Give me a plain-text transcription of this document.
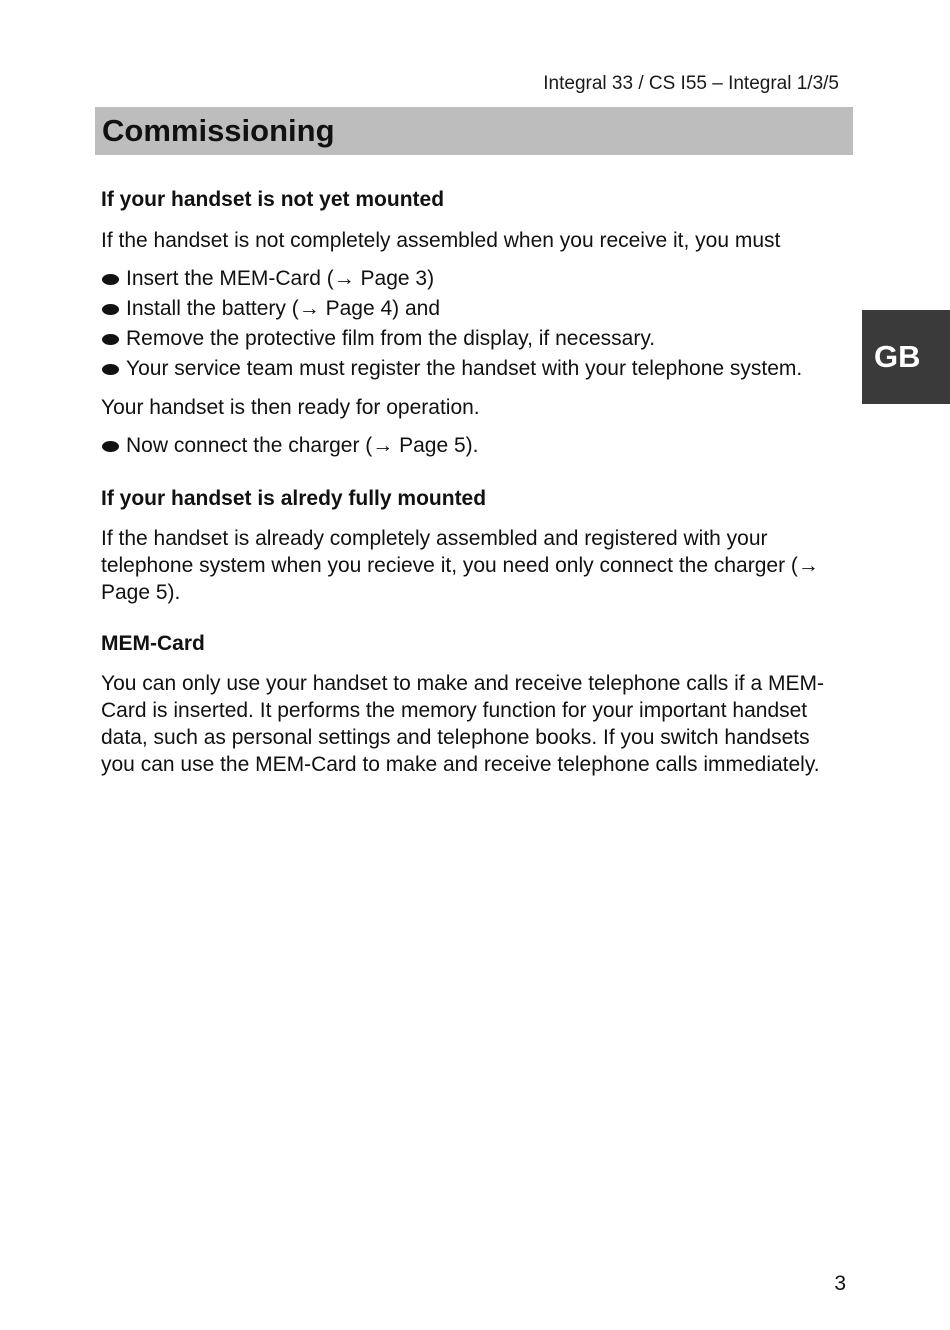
Integral 33 / CS I55 – Integral 1/3/5
Commissioning
GB
If your handset is not yet mounted

If the handset is not completely assembled when you receive it, you must

Insert the MEM-Card (→ Page 3)
Install the battery (→ Page 4) and
Remove the protective film from the display, if necessary.
Your service team must register the handset with your telephone system.

Your handset is then ready for operation.

Now connect the charger (→ Page 5).
If your handset is alredy fully mounted

If the handset is already completely assembled and registered with your telephone system when you recieve it, you need only connect the charger (→ Page 5).

MEM-Card

You can only use your handset to make and receive telephone calls if a MEM-Card is inserted. It performs the memory function for your important handset data, such as personal settings and telephone books. If you switch handsets you can use the MEM-Card to make and receive telephone calls immediately.

3
